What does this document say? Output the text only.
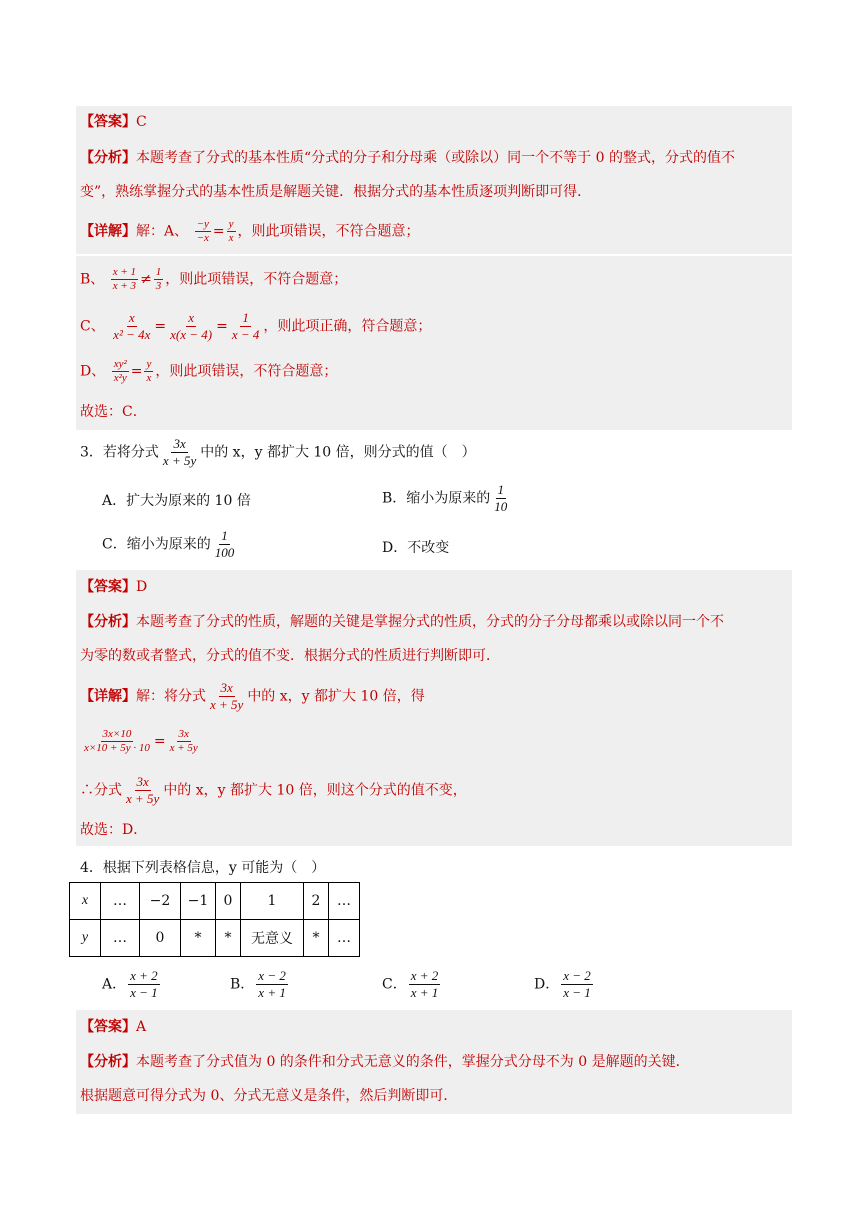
【答案】C
【分析】本题考查了分式的基本性质“分式的分子和分母乘（或除以）同一个不等于 0 的整式，分式的值不
变”，熟练掌握分式的基本性质是解题关键．根据分式的基本性质逐项判断即可得．
【详解】解：A、 $\frac{-y}{-x} = \frac{y}{x}$ ，则此项错误，不符合题意；
B、 $\frac{x + 1}{x + 3} \ne \frac{1}{3}$ ，则此项错误，不符合题意；
C、 $\frac{x}{\text{x² − 4x}} = \frac{x}{x(x - 4)} = \frac{1}{x - 4}$ ，则此项正确，符合题意；
D、 $\frac{\text{xy²}}{\text{x²y}} = \frac{y}{x}$ ，则此项错误，不符合题意；
故选：C．
3．若将分式 $\frac{3x}{x + 5y}$ 中的 x，y 都扩大 10 倍，则分式的值（　）
A．扩大为原来的 10 倍	B．缩小为原来的 $\frac{1}{10}$
C．缩小为原来的 $\frac{1}{100}$	D．不改变
【答案】D
【分析】本题考查了分式的性质，解题的关键是掌握分式的性质，分式的分子分母都乘以或除以同一个不
为零的数或者整式，分式的值不变．根据分式的性质进行判断即可．
【详解】解：将分式 $\frac{3x}{x + 5y}$ 中的 x，y 都扩大 10 倍，得
$\frac{3x\times 10}{x\times 10 + 5y \cdot 10} = \frac{3x}{x + 5y}$
∴分式 $\frac{3x}{x + 5y}$ 中的 x，y 都扩大 10 倍，则这个分式的值不变，
故选：D．
4．根据下列表格信息，y 可能为（　）
x	…	−2	−1	0	1	2	…
y	…	0	*	*	无意义	*	…
A． $\frac{x + 2}{x - 1}$	B． $\frac{x - 2}{x + 1}$	C． $\frac{x + 2}{x + 1}$	D． $\frac{x - 2}{x - 1}$
【答案】A
【分析】本题考查了分式值为 0 的条件和分式无意义的条件，掌握分式分母不为 0 是解题的关键．
根据题意可得分式为 0、分式无意义是条件，然后判断即可．
